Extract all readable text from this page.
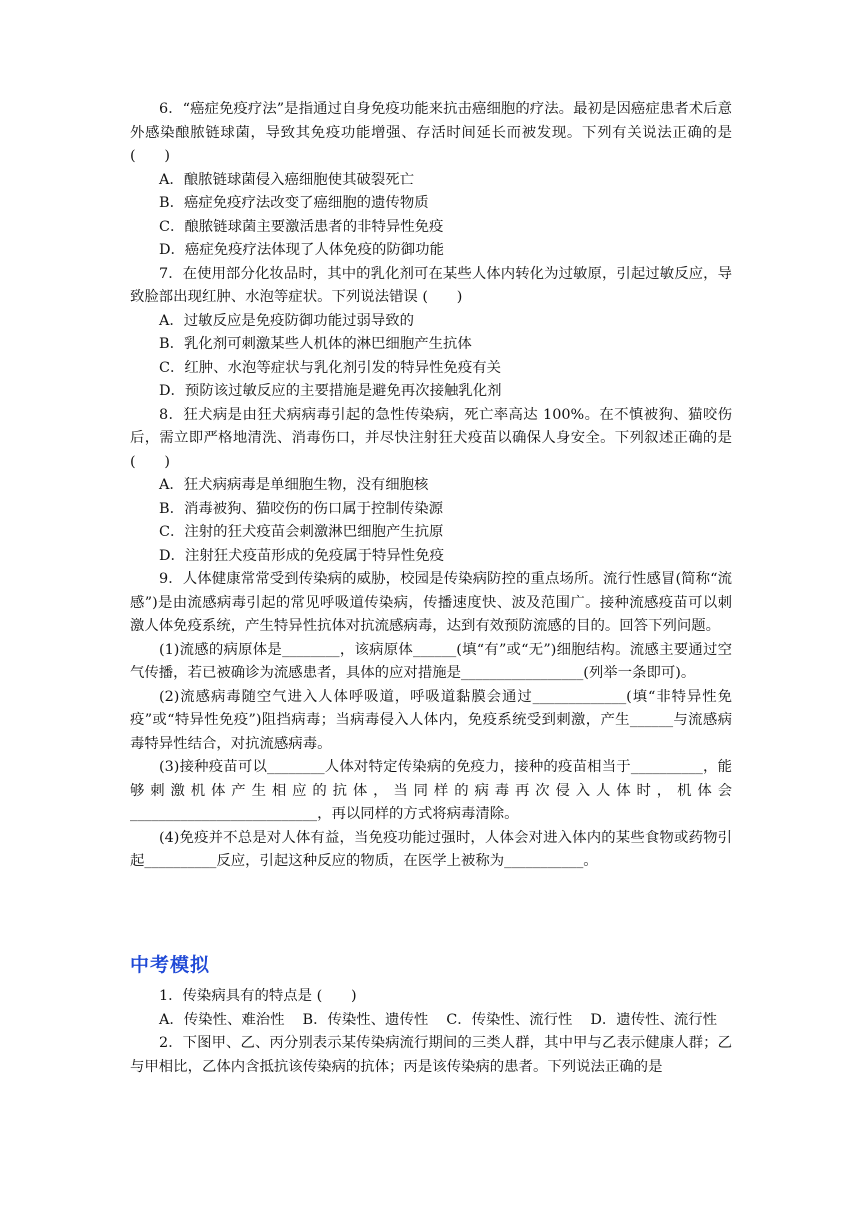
6．“癌症免疫疗法”是指通过自身免疫功能来抗击癌细胞的疗法。最初是因癌症患者术后意外感染酿脓链球菌，导致其免疫功能增强、存活时间延长而被发现。下列有关说法正确的是 (　　)

A．酿脓链球菌侵入癌细胞使其破裂死亡

B．癌症免疫疗法改变了癌细胞的遗传物质

C．酿脓链球菌主要激活患者的非特异性免疫

D．癌症免疫疗法体现了人体免疫的防御功能

7．在使用部分化妆品时，其中的乳化剂可在某些人体内转化为过敏原，引起过敏反应，导致脸部出现红肿、水泡等症状。下列说法错误 (　　)

A．过敏反应是免疫防御功能过弱导致的

B．乳化剂可刺激某些人机体的淋巴细胞产生抗体

C．红肿、水泡等症状与乳化剂引发的特异性免疫有关

D．预防该过敏反应的主要措施是避免再次接触乳化剂

8．狂犬病是由狂犬病病毒引起的急性传染病，死亡率高达 100%。在不慎被狗、猫咬伤后，需立即严格地清洗、消毒伤口，并尽快注射狂犬疫苗以确保人身安全。下列叙述正确的是 (　　)

A．狂犬病病毒是单细胞生物，没有细胞核

B．消毒被狗、猫咬伤的伤口属于控制传染源

C．注射的狂犬疫苗会刺激淋巴细胞产生抗原

D．注射狂犬疫苗形成的免疫属于特异性免疫

9．人体健康常常受到传染病的威胁，校园是传染病防控的重点场所。流行性感冒(简称“流感”)是由流感病毒引起的常见呼吸道传染病，传播速度快、波及范围广。接种流感疫苗可以刺激人体免疫系统，产生特异性抗体对抗流感病毒，达到有效预防流感的目的。回答下列问题。

(1)流感的病原体是________，该病原体______(填“有”或“无”)细胞结构。流感主要通过空气传播，若已被确诊为流感患者，具体的应对措施是_________________(列举一条即可)。

(2)流感病毒随空气进入人体呼吸道，呼吸道黏膜会通过_____________(填“非特异性免疫”或“特异性免疫”)阻挡病毒；当病毒侵入人体内，免疫系统受到刺激，产生______与流感病毒特异性结合，对抗流感病毒。

(3)接种疫苗可以________人体对特定传染病的免疫力，接种的疫苗相当于__________，能够刺激机体产生相应的抗体，当同样的病毒再次侵入人体时，机体会__________________________，再以同样的方式将病毒清除。

(4)免疫并不总是对人体有益，当免疫功能过强时，人体会对进入体内的某些食物或药物引起__________反应，引起这种反应的物质，在医学上被称为___________。

中考模拟

1．传染病具有的特点是 (　　)

A．传染性、难治性 B．传染性、遗传性 C．传染性、流行性 D．遗传性、流行性

2．下图甲、乙、丙分别表示某传染病流行期间的三类人群，其中甲与乙表示健康人群；乙与甲相比，乙体内含抵抗该传染病的抗体；丙是该传染病的患者。下列说法正确的是
